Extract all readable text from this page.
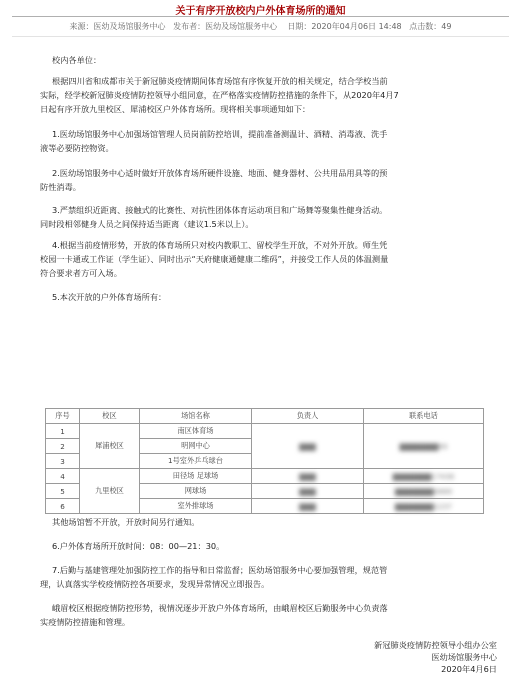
关于有序开放校内户外体育场所的通知
来源：医幼及场馆服务中心 发布者：医幼及场馆服务中心 日期：2020年04月06日 14:48 点击数：49
校内各单位：
根据四川省和成都市关于新冠肺炎疫情期间体育场馆有序恢复开放的相关规定，结合学校当前
实际，经学校新冠肺炎疫情防控领导小组同意，在严格落实疫情防控措施的条件下，从2020年4月7
日起有序开放九里校区、犀浦校区户外体育场所。现将相关事项通知如下：
1.医幼场馆服务中心加强场馆管理人员岗前防控培训，提前准备测温计、酒精、消毒液、洗手
液等必要防控物资。
2.医幼场馆服务中心适时做好开放体育场所硬件设施、地面、健身器材、公共用品用具等的预
防性消毒。
3.严禁组织近距离、接触式的比赛性、对抗性团体体育运动项目和广场舞等聚集性健身活动。
同时段相邻健身人员之间保持适当距离（建议1.5米以上）。
4.根据当前疫情形势，开放的体育场所只对校内教职工、留校学生开放，不对外开放。师生凭
校园一卡通或工作证（学生证）、同时出示“天府健康通健康二维码”，并接受工作人员的体温测量
符合要求者方可入场。
5.本次开放的户外体育场所有：
序号	校区	场馆名称	负责人	联系电话
1	犀浦校区	南区体育场	▇▇▇	▇▇▇▇▇▇▇99
2		明网中心		
3		1号室外乒乓球台		
4	九里校区	田径场 足球场	▇▇▇	▇▇▇▇▇▇▇17436
5		网球场	▇▇▇	▇▇▇▇▇▇▇0889
6		室外排球场	▇▇▇	▇▇▇▇▇▇▇1237
其他场馆暂不开放，开放时间另行通知。
6.户外体育场所开放时间：08：00—21：30。
7.后勤与基建管理处加强防控工作的指导和日常监督；医幼场馆服务中心要加强管理，规范管
理，认真落实学校疫情防控各项要求，发现异常情况立即报告。
峨眉校区根据疫情防控形势，视情况逐步开放户外体育场所，由峨眉校区后勤服务中心负责落
实疫情防控措施和管理。
新冠肺炎疫情防控领导小组办公室
医幼场馆服务中心
2020年4月6日
